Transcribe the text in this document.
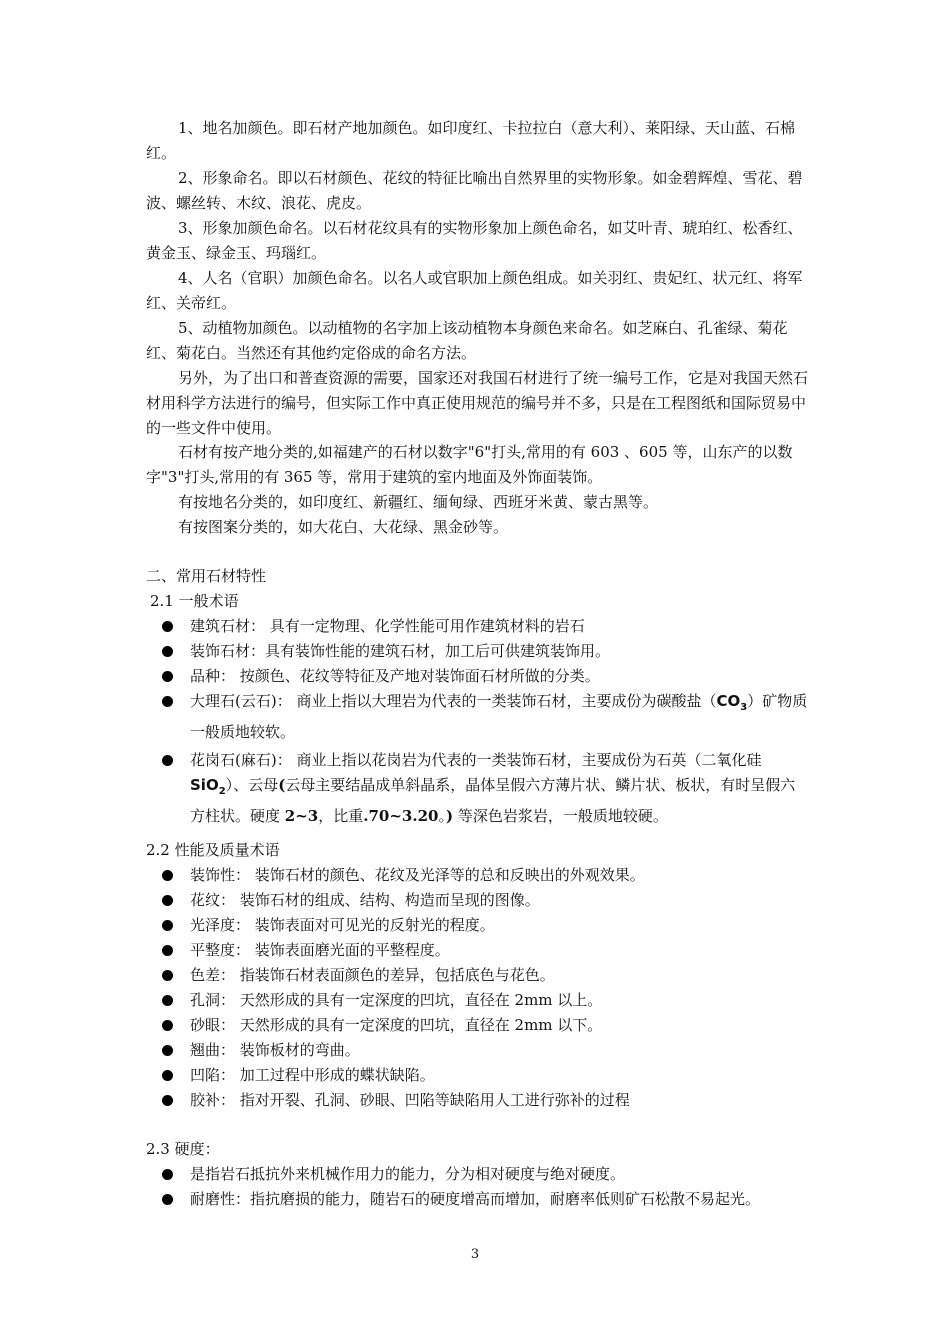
1、地名加颜色。即石材产地加颜色。如印度红、卡拉拉白（意大利）、莱阳绿、天山蓝、石棉红。

2、形象命名。即以石材颜色、花纹的特征比喻出自然界里的实物形象。如金碧辉煌、雪花、碧波、螺丝转、木纹、浪花、虎皮。

3、形象加颜色命名。以石材花纹具有的实物形象加上颜色命名，如艾叶青、琥珀红、松香红、黄金玉、绿金玉、玛瑙红。

4、人名（官职）加颜色命名。以名人或官职加上颜色组成。如关羽红、贵妃红、状元红、将军红、关帝红。

5、动植物加颜色。以动植物的名字加上该动植物本身颜色来命名。如芝麻白、孔雀绿、菊花红、菊花白。当然还有其他约定俗成的命名方法。

另外，为了出口和普查资源的需要，国家还对我国石材进行了统一编号工作，它是对我国天然石材用科学方法进行的编号，但实际工作中真正使用规范的编号并不多，只是在工程图纸和国际贸易中的一些文件中使用。

石材有按产地分类的,如福建产的石材以数字"6"打头,常用的有 603 、605 等，山东产的以数字"3"打头,常用的有 365 等，常用于建筑的室内地面及外饰面装饰。

有按地名分类的，如印度红、新疆红、缅甸绿、西班牙米黄、蒙古黑等。

有按图案分类的，如大花白、大花绿、黑金砂等。

二、常用石材特性

2.1 一般术语

建筑石材： 具有一定物理、化学性能可用作建筑材料的岩石
装饰石材：具有装饰性能的建筑石材，加工后可供建筑装饰用。
品种： 按颜色、花纹等特征及产地对装饰面石材所做的分类。
大理石(云石)： 商业上指以大理岩为代表的一类装饰石材，主要成份为碳酸盐$(CO_3)$矿物质一般质地较软。
花岗石(麻石)： 商业上指以花岗岩为代表的一类装饰石材，主要成份为石英（二氧化硅 SiO$_2$）、云母(云母主要结晶成单斜晶系，晶体呈假六方薄片状、鳞片状、板状，有时呈假六方柱状。硬度 2~3，比重.70~3.20。) 等深色岩浆岩，一般质地较硬。

2.2 性能及质量术语

装饰性： 装饰石材的颜色、花纹及光泽等的总和反映出的外观效果。
花纹： 装饰石材的组成、结构、构造而呈现的图像。
光泽度： 装饰表面对可见光的反射光的程度。
平整度： 装饰表面磨光面的平整程度。
色差： 指装饰石材表面颜色的差异，包括底色与花色。
孔洞： 天然形成的具有一定深度的凹坑，直径在 2mm 以上。
砂眼： 天然形成的具有一定深度的凹坑，直径在 2mm 以下。
翘曲： 装饰板材的弯曲。
凹陷： 加工过程中形成的蝶状缺陷。
胶补： 指对开裂、孔洞、砂眼、凹陷等缺陷用人工进行弥补的过程

2.3 硬度：

是指岩石抵抗外来机械作用力的能力，分为相对硬度与绝对硬度。
耐磨性：指抗磨损的能力，随岩石的硬度增高而增加，耐磨率低则矿石松散不易起光。
3
